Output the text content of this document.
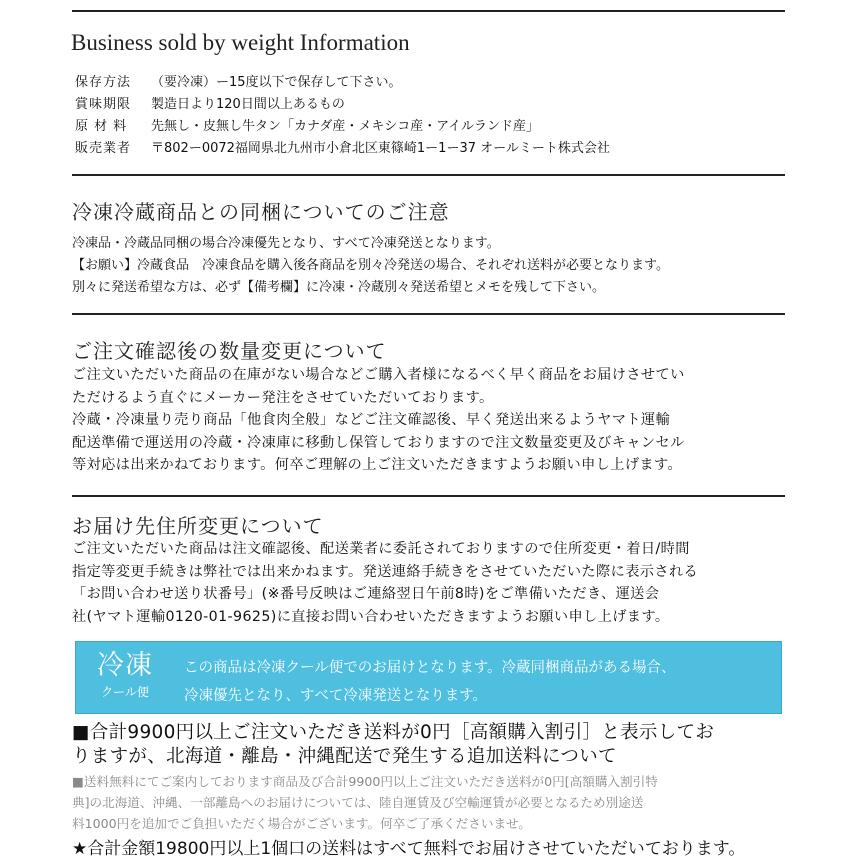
Business sold by weight Information
保存方法	（要冷凍）ー15度以下で保存して下さい。
賞味期限	製造日より120日間以上あるもの
原 材 料	先無し・皮無し牛タン「カナダ産・メキシコ産・アイルランド産」
販売業者	〒802ー0072福岡県北九州市小倉北区東篠崎1ー1ー37 オールミート株式会社
冷凍冷蔵商品との同梱についてのご注意
冷凍品・冷蔵品同梱の場合冷凍優先となり、すべて冷凍発送となります。
【お願い】冷蔵食品　冷凍食品を購入後各商品を別々冷発送の場合、それぞれ送料が必要となります。
別々に発送希望な方は、必ず【備考欄】に冷凍・冷蔵別々発送希望とメモを残して下さい。
ご注文確認後の数量変更について
ご注文いただいた商品の在庫がない場合などご購入者様になるべく早く商品をお届けさせてい
ただけるよう直ぐにメーカー発注をさせていただいております。
冷蔵・冷凍量り売り商品「他食肉全般」などご注文確認後、早く発送出来るようヤマト運輸
配送準備で運送用の冷蔵・冷凍庫に移動し保管しておりますので注文数量変更及びキャンセル
等対応は出来かねております。何卒ご理解の上ご注文いただきますようお願い申し上げます。
お届け先住所変更について
ご注文いただいた商品は注文確認後、配送業者に委託されておりますので住所変更・着日/時間
指定等変更手続きは弊社では出来かねます。発送連絡手続きをさせていただいた際に表示される
「お問い合わせ送り状番号」(※番号反映はご連絡翌日午前8時)をご準備いただき、運送会
社(ヤマト運輸0120-01-9625)に直接お問い合わせいただきますようお願い申し上げます。
冷凍
クール便
この商品は冷凍クール便でのお届けとなります。冷蔵同梱商品がある場合、
冷凍優先となり、すべて冷凍発送となります。
■合計9900円以上ご注文いただき送料が0円［高額購入割引］と表示してお
りますが、北海道・離島・沖縄配送で発生する追加送料について
■送料無料にてご案内しております商品及び合計9900円以上ご注文いただき送料が0円[高額購入割引特
典]の北海道、沖縄、一部離島へのお届けについては、陸自運賃及び空輸運賃が必要となるため別途送
料1000円を追加でご負担いただく場合がございます。何卒ご了承くださいませ。
★合計金額19800円以上1個口の送料はすべて無料でお届けさせていただいております。
